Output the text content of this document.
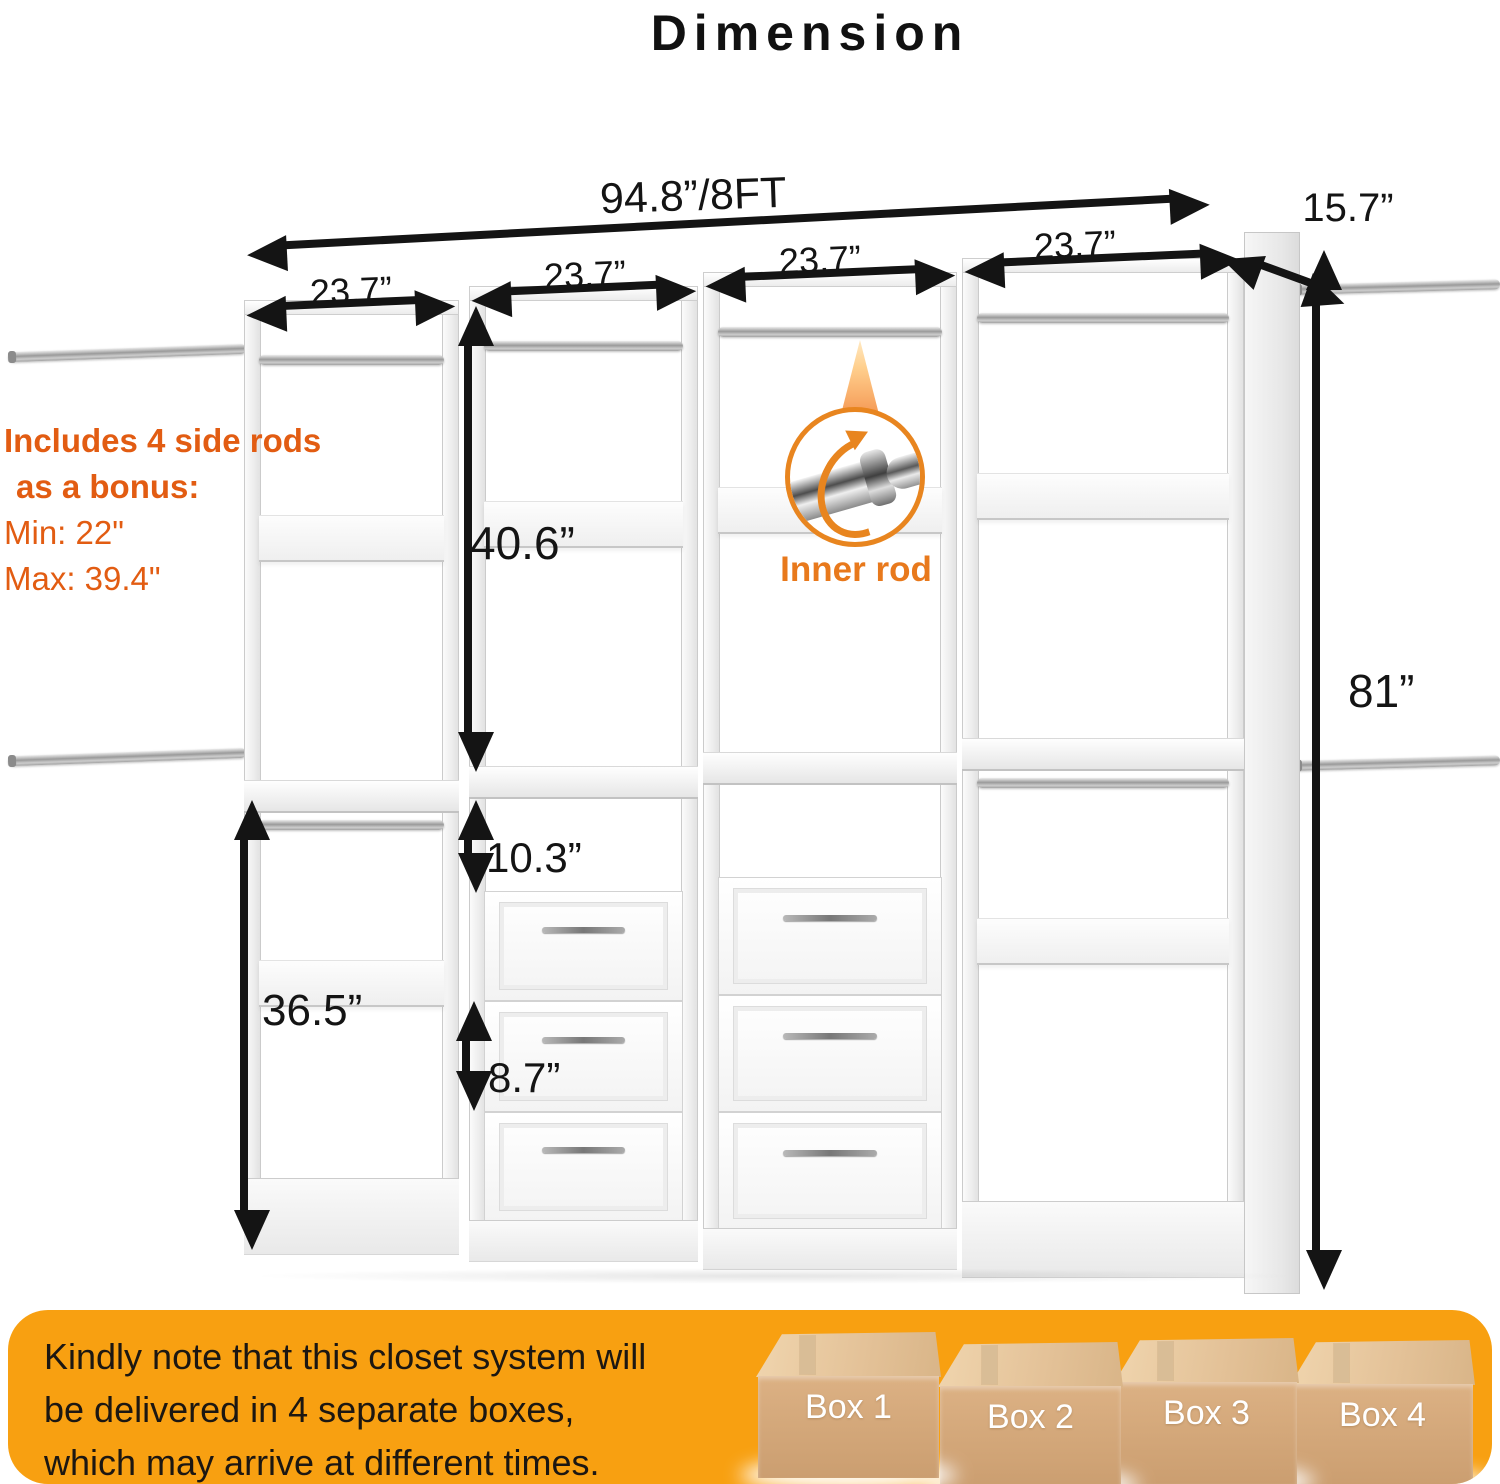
Dimension
Inner rod
Includes 4 side rods
as a bonus:
Min: 22"
Max: 39.4"
94.8”/8FT	15.7”
23.7”	23.7”	23.7”	23.7”
40.6”
10.3”
36.5”
8.7”
81”
Kindly note that this closet system will
be delivered in 4 separate boxes,
which may arrive at different times.
Box 1	Box 2	Box 3	Box 4
